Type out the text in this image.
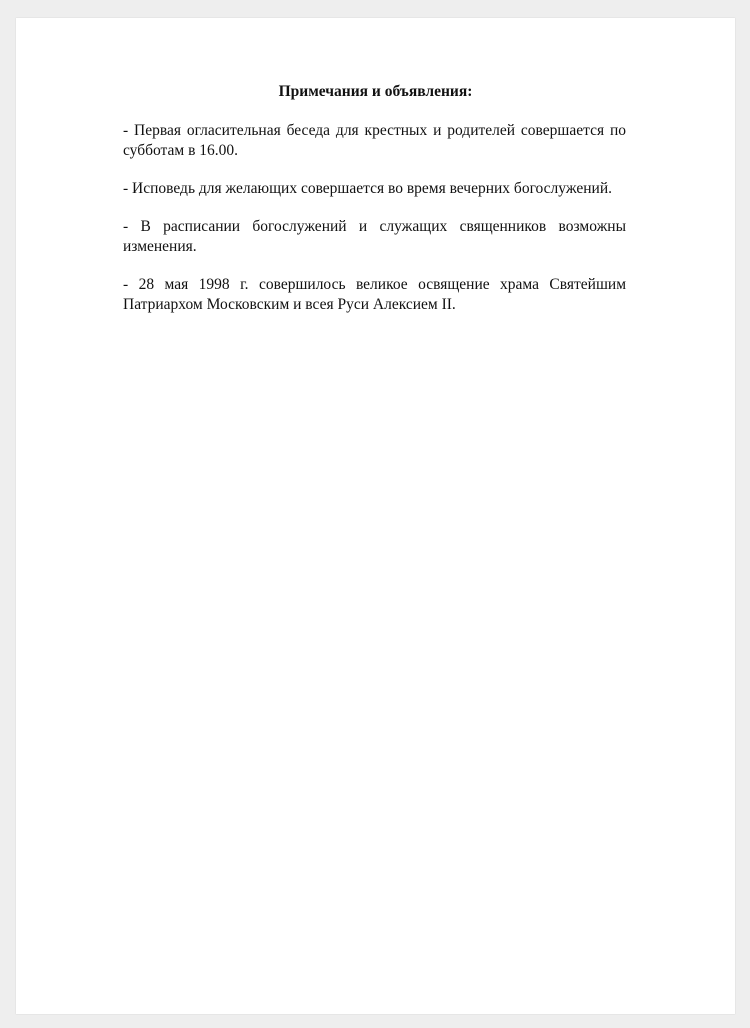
Примечания и объявления:
- Первая огласительная беседа для крестных и родителей совершается по субботам в 16.00.
- Исповедь для желающих совершается во время вечерних богослужений.
- В расписании богослужений и служащих священников возможны изменения.
- 28 мая 1998 г. совершилось великое освящение храма Святейшим Патриархом Московским и всея Руси Алексием II.
